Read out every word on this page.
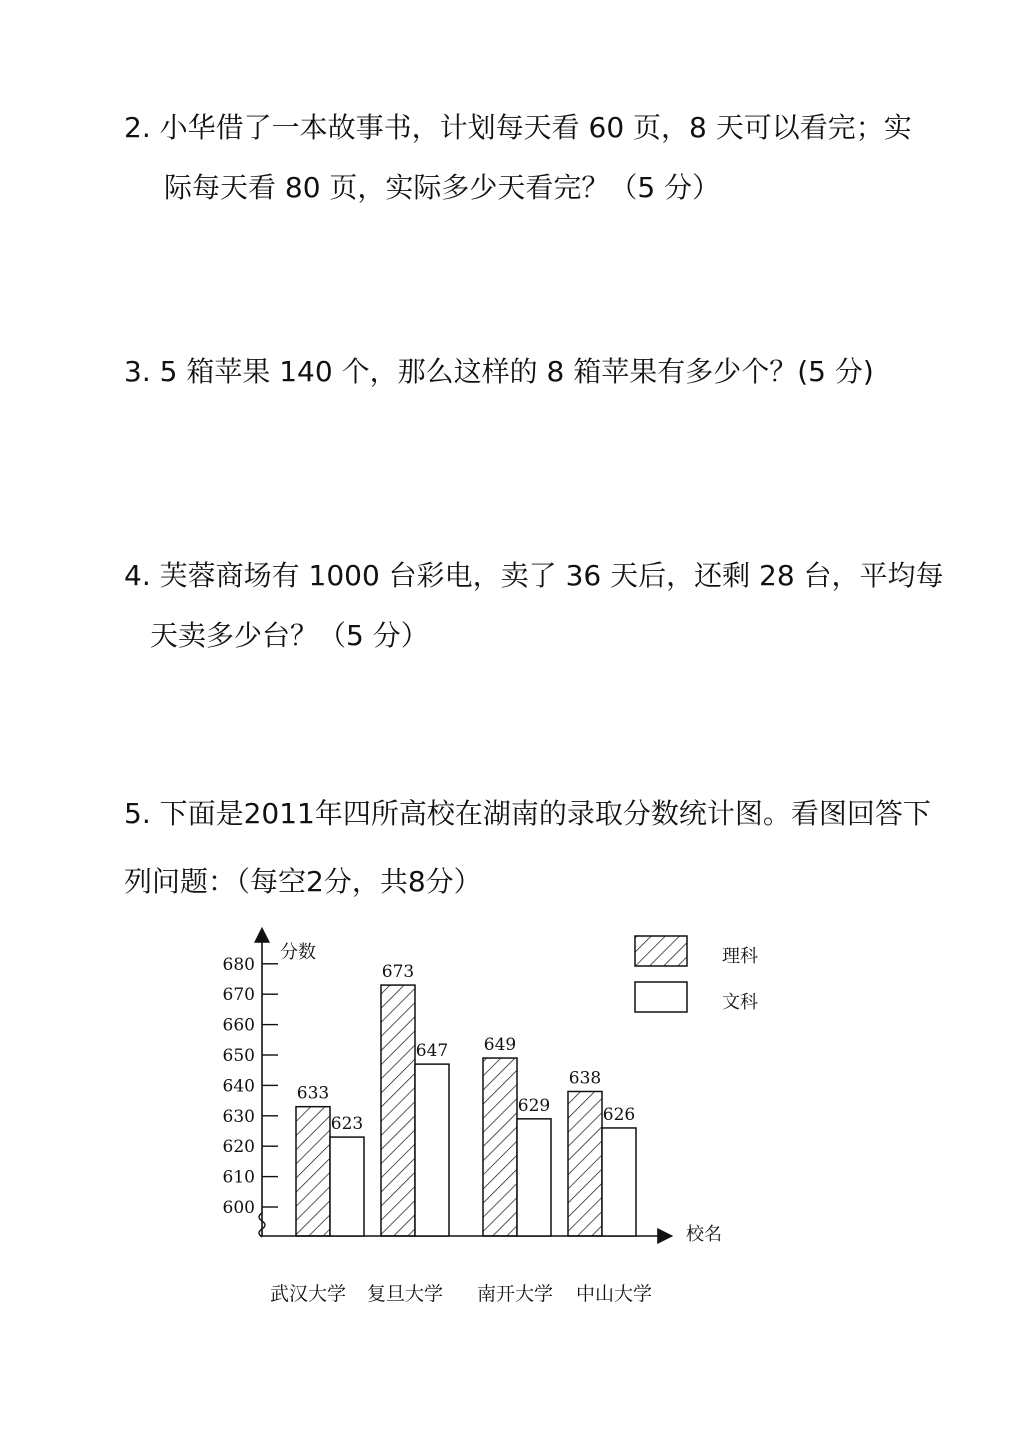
2. 小华借了一本故事书，计划每天看 60 页，8 天可以看完；实
际每天看 80 页，实际多少天看完？（5 分）
3. 5 箱苹果 140 个，那么这样的 8 箱苹果有多少个？(5 分)
4. 芙蓉商场有 1000 台彩电，卖了 36 天后，还剩 28 台，平均每
天卖多少台？（5 分）
5. 下面是2011年四所高校在湖南的录取分数统计图。看图回答下
列问题：（每空2分，共8分）
600
610
620
630
640
650
660
670
680
分数
校名
633
623
武汉大学
673
647
复旦大学
649
629
南开大学
638
626
中山大学
理科
文科
